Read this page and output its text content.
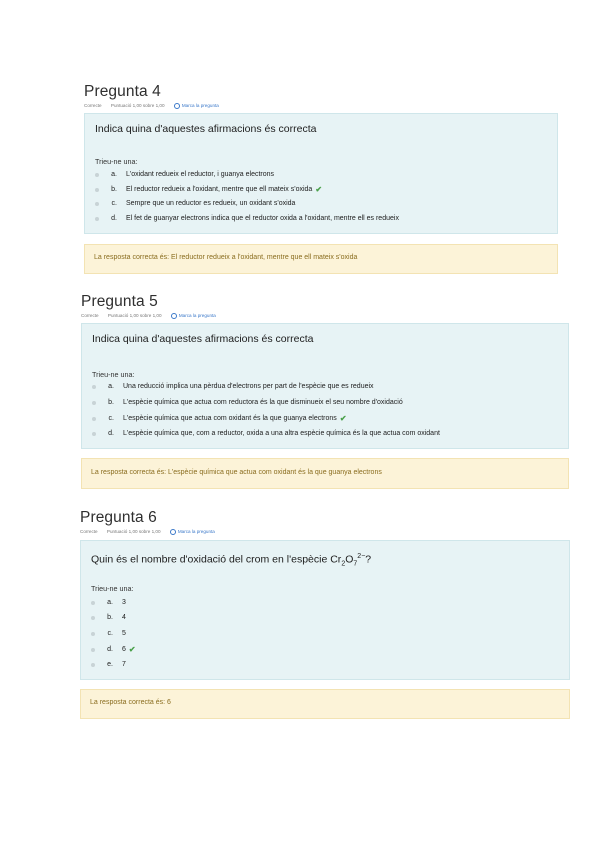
Pregunta 4
Correcte Puntuació 1,00 sobre 1,00	Marca la pregunta
Indica quina d'aquestes afirmacions és correcta
Trieu-ne una:
a. L'oxidant redueix el reductor, i guanya electrons
b. El reductor redueix a l'oxidant, mentre que ell mateix s'oxida ✔
c. Sempre que un reductor es redueix, un oxidant s'oxida
d. El fet de guanyar electrons indica que el reductor oxida a l'oxidant, mentre ell es redueix
La resposta correcta és: El reductor redueix a l'oxidant, mentre que ell mateix s'oxida
Pregunta 5
Correcte Puntuació 1,00 sobre 1,00	Marca la pregunta
Indica quina d'aquestes afirmacions és correcta
Trieu-ne una:
a. Una reducció implica una pèrdua d'electrons per part de l'espècie que es redueix
b. L'espècie química que actua com reductora és la que disminueix el seu nombre d'oxidació
c. L'espècie química que actua com oxidant és la que guanya electrons ✔
d. L'espècie química que, com a reductor, oxida a una altra espècie química és la que actua com oxidant
La resposta correcta és: L'espècie química que actua com oxidant és la que guanya electrons
Pregunta 6
Correcte Puntuació 1,00 sobre 1,00	Marca la pregunta
Quin és el nombre d'oxidació del crom en l'espècie $Cr_2O_7^{2-}$?
Trieu-ne una:
a. 3
b. 4
c. 5
d. 6 ✔
e. 7
La resposta correcta és: 6
